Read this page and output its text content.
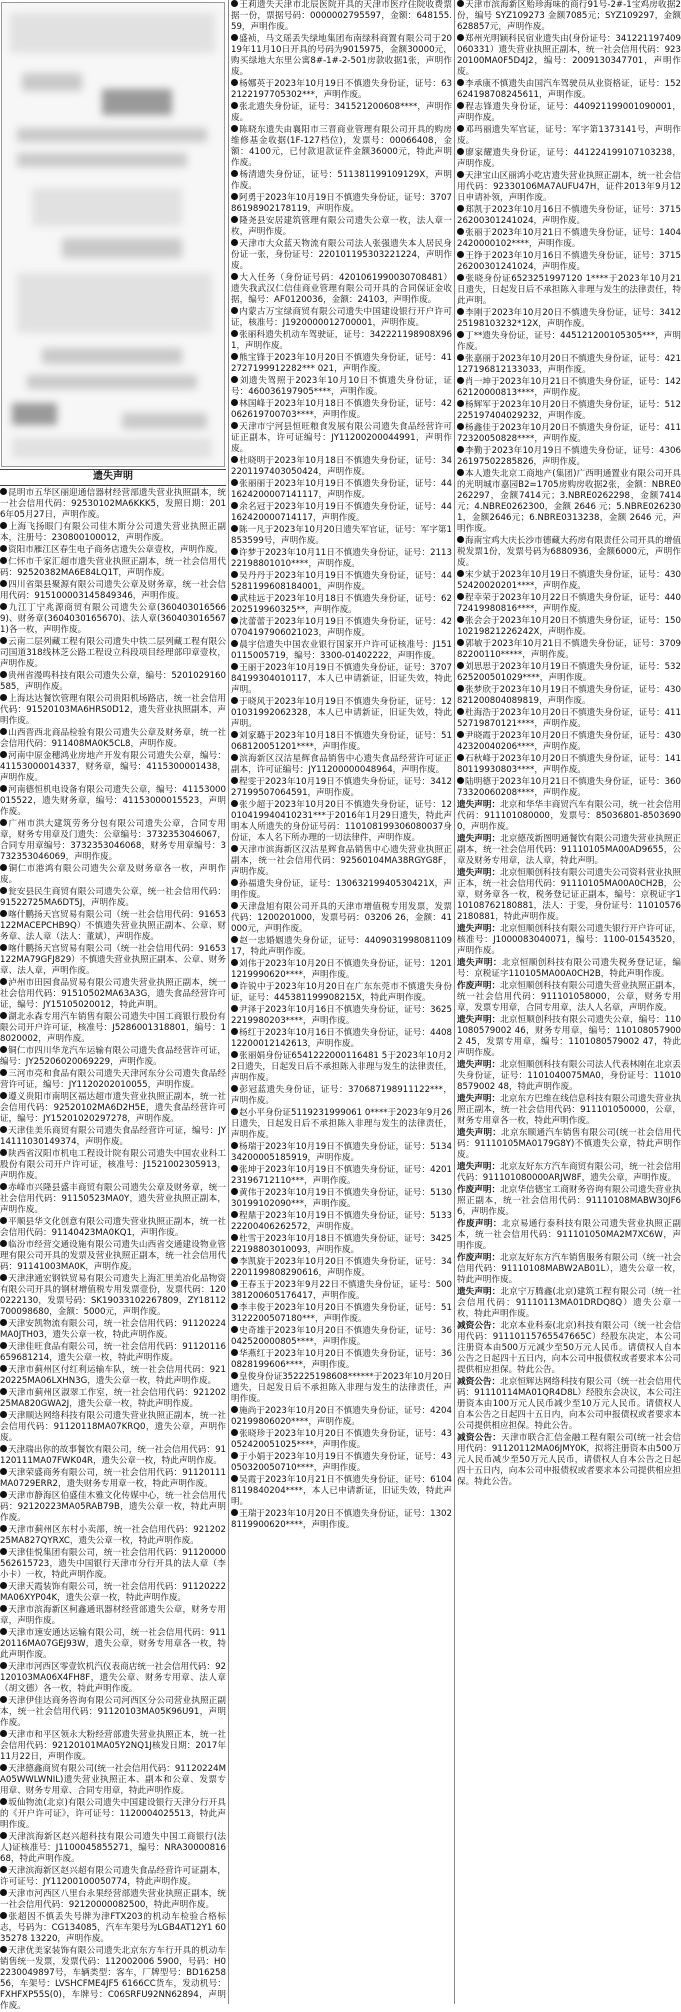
遗失声明
昆明市五华区丽迎通信器材经营部遗失营业执照副本，统一社会信用代码：92530102MA6KKK5，发照日期：2016年05月27日，声明作废。
上海飞扬眼门有限公司佳木斯分公司遗失营业执照正副本，注册号：230800100012，声明作废。
资阳市雁江区春生电子商务店遗失公章壹枚，声明作废。
仁怀市千家汇超市遗失营业执照正副本，统一社会信用代码：92520382MA6E84LQ1T，声明作废。
四川省渠县聚源有限公司遗失公章及财务章，统一社会信用代码：915100003145849346，声明作废。
九江丁宁兆源商贸有限公司遗失公章(3604030165669)、财务章(3604030165670)、法人章(3604030165671)各一枚，声明作废。
云南二层列藏工程有限公司遗失中铁二层列藏工程有限公司国道318线林芝公路工程设立科段项目经理部印章壹枚，声明作废。
贵州省漫鸣科技有限公司遗失公章，编号：5201029160585，声明作废。
上海达达餐饮管理有限公司贵阳机场路店，统一社会信用代码：91520103MA6HRS0D12，遗失营业执照副本，声明作废。
山西晋西北商品检验有限公司遗失公章及财务章，统一社会信用代码：911408MA0K5CL8，声明作废。
河南中原金穗鸿业房地产开发有限公司遗失公章，编号：41153000014337，财务章，编号：4115300001438，声明作废。
河南德恒机电设备有限公司遗失公章，编号：41153000015522，遗失财务章，编号：41153000015523，声明作废。
广州市洪大建筑劳务分包有限公司遗失公章，合同专用章，财务专用章及门遗失：公章编号：3732353046067，合同专用章编号：3732353046068，财务专用章编号：3732353046069，声明作废。
铜仁市港鸿有限公司遗失公章及财务章各一枚，声明作废。
瓮安县民生商贸有限公司遗失公章，统一社会信用代码：91522725MA6DT5J，声明作废。
喀什鹏扬天宫贸易有限公司（统一社会信用代码：91653122MACEPCHB9Q）不慎遗失营业执照正副本、公章、财务章、法人章（法人：董斌），声明作废。
喀什鹏扬天宫贸易有限公司（统一社会信用代码：91653122MA79GFJ829）不慎遗失营业执照正副本、公章、财务章、法人章，声明作废。
泸州市田园食品贸易有限公司遗失营业执照正副本，统一社会信用代码：91510502MA63A3G，遗失食品经营许可证，编号：JY15105020012，特此声明。
湖北永森专用汽车销售有限公司遗失中国工商银行股份有限公司开户许可证，核准号：J5286001318801，编号：18020002，声明作废。
铜仁市四川华龙汽车运输有限公司遗失食品经营许可证，编号：JY25206020069229，声明作废。
三河市亮和食品有限公司遗失天津河东分公司遗失食品经营许可证，编号：JY1120202010055，声明作废。
遵义贵阳市南明区福达超市遗失营业执照正副本，统一社会信用代码：92520102MA6D2H5E，遗失食品经营许可证，编号：JY15201020297278，声明作废。
天津佳美乐商贸有限公司遗失食品经营许可证，编号：JY14111030149374，声明作废。
陕西省汉阳市机电工程设计院有限公司遗失中国农业科工股份有限公司开户许可证，核准号：J1521002305913，声明作废。
赤峰市兴隆县盛丰商贸有限公司遗失公章及财务章，统一社会信用代码：91150523MA0Y，遗失营业执照正副本，声明作废。
平顺县华文化创意有限公司遗失营业执照正副本，统一社会信用代码：91140423MA0KQ1，声明作废。
临汾市经营交通设施有限公司遗失山西省交通建设物业管理有限公司开具的发票及营业执照正副本，统一社会信用代码：91141003MA0K，声明作废。
天津津通宏钢铁贸易有限公司遗失上海汇里美冶化品物资有限公司开具的钢材增值税专用发票壹份，发票代码：1200222130，发票号码：SK19033102267809，ZY18112700098680，金额：5000元，声明作废。
天津安凯物流有限公司，统一社会信用代码：91120224MA0JTH03，遗失公章一枚，特此声明作废。
天津佳旺食品有限公司，统一社会信用代码：91120116659681214，遗失公章一枚，特此声明作废。
天津市蓟州区付红利运输车队，统一社会信用代码：92120225MA06LXHN3G，遗失公章一枚，特此声明作废。
天津市蓟州区淑翠工作室，统一社会信用代码：92120225MA820GWA2J，遗失公章一枚，特此声明作废。
天津顺达网络科技有限公司遗失营业执照正副本，统一社会信用代码：91120118MA07KRQ0，遗失公章，声明作废。
天津瑞出你的故事餐饮有限公司，统一社会信用代码：91120111MA07FWK04R，遗失公章一枚，特此声明作废。
天津荣盛商务有限公司，统一社会信用代码：91120111MA0729ERR2，遗失财务专用章一枚，特此声明作废。
天津市静海区伯盛佳木雅文化传媒中心，统一社会信用代码：92120223MA05RAB79B，遗失公章一枚，特此声明作废。
天津市蓟州区东村小卖部，统一社会信用代码：92120225MA827QYRXC，遗失公章一枚，特此声明作废。
天津佳悦集团有限公司，统一社会信用代码：91120000562615723，遗失中国银行天津市分行开具的法人章（李小卡）一枚，特此声明作废。
天津天霞装饰有限公司，统一社会信用代码：91120222MA06XYP04K，遗失公章一枚，特此声明作废。
天津市滨海新区柯鑫通讯器材经营部遗失公章，财务专用章，声明作废。
天津市速安通达运输有限公司，统一社会信用代码：91120116MA07GEJ93W，遗失公章，财务专用章各一枚，特此声明作废。
天津市河西区零壹钦机汽仪表商店统一社会信用代码：92120103MA06X4FH8F，遗失公章、财务专用章、法人章（胡文德）各一枚，特此声明作废。
天津伊佳达商务咨询有限公司河西区分公司营业执照正副本，统一社会信用代码：91120103MA05K96U91，声明作废。
天津市和平区领永大粉经营部遗失营业执照正本，统一社会信用代码：92120101MA05Y2NQ1J核发日期：2017年11月22日，声明作废。
天津德鑫商贸有限公司(统一社会信用代码：91120224MA05WWLWNIL)遗失营业执照正本、副本和公章、发票专用章、财务专用章、合同专用章，特此声明作废。
坂仙物流(北京)有限公司遗失中国建设银行天津分行开具的《开户许可证》，许可证号：1120004025513，特此声明作废。
天津滨海新区赵兴超科技有限公司遗失中国工商银行(法人)证核准号：J1100045855271，编号：NRA3000081668，特此声明作废。
天津滨海新区赵兴超有限公司遗失食品经营许可证副本，许可证号：JY11200100050774，特此声明作废。
天津市河西区八里台永果经营部遗失营业执照正副本，统一社会信用代码：92120000082500，特此声明作废。
张超因不慎丢失号牌为津FTX203的机动车检验合格标志，号码为：CG134085，汽车车架号为LGB4AT12Y1 6035278 13220，声明作废。
天津优美家装饰有限公司遗失北京东方车行开具的机动车销售统一发票，发票代码：112002006 5900，号码：H02230049897号，车辆类型：客车，厂牌型号：BD1625856，车架号：LVSHCFME4JF5 6166CC货车，发动机号：FXHFXP55S(0)，车牌号：C06SRFU92NN62894，声明作废。
王莉遗失天津市北辰医院开具的天津市医疗住院收费票据一份，票据号码：0000002795597，金额：648155.59，声明作废。
盛祯，马文瑶丢失绿地集团布南绿科商置有限公司于2019年11月10日开具的号码为9015975，金额30000元，购买绿地大东里公寓8#-1#-2-501房款收据1张，声明作废。
杨娜英于2023年10月19日不慎遗失身份证，证号：632122197705302***，声明作废。
张北遗失身份证，证号：341521200608****，声明作废。
陈晓东遗失由襄阳市三晋商业管理有限公司开具的购房维修基金收据(1F-127档位)，发票号：00066408，金额：4100元，已付款退款证件金额36000元，特此声明作废。
杨清遗失身份证，证号：511381199109129X，声明作废。
阿勇于2023年10月19日不慎遗失身份证，证号：370786198902178119，声明作废。
隆尧县安居建筑管理有限公司遗失公章一枚，法人章一枚，声明作废。
天津市大众蓝天物流有限公司法人张强遗失本人居民身份证一张，身份证号：220101195303221224，声明作废。
大入任务（身份证号码：4201061990030708481）遗失我武汉仁信佳商业管理有限公司开具的合同保证金收据，编号：AF0120036，金额：24103，声明作废。
内蒙古万宝绿商贸有限公司遗失中国建设银行开户许可证，核准号：J1920000012700001，声明作废。
张丽科遗失机动车驾驶证，证号：342221198908X961，声明作废。
熊宝锋于2023年10月20日不慎遗失身份证，证号：412727199912282*** 021，声明作废。
刘遗失驾照于2023年10月10日不慎遗失身份证，证号：460036197905****，声明作废。
林国峰于2023年10月18日不慎遗失身份证，证号：42062619700703****，声明作废。
天津市宁河县恒旺粮食发展有限公司遗失食品经营许可证正副本，许可证编号：JY11200200044991，声明作废。
杜晓明于2023年10月18日不慎遗失身份证，证号：342201197403050424，声明作废。
张丽丽于2023年10月19日不慎遗失身份证，证号：441624200007141117，声明作废。
余名冠于2023年10月19日不慎遗失身份证，证号：44162420000714117，声明作废。
陈一凡于2023年10月20日遗失军官证，证号：军字第1853599号，声明作废。
许梦于2023年10月11日不慎遗失身份证，证号：211322198801010****，声明作废。
吴丹丹于2023年10月19日不慎遗失身份证，证号：445281199608184001，声明作废。
武桂远于2023年10月18日不慎遗失身份证，证号：62202519960325**，声明作废。
沈蕾蕾于2023年10月19日不慎遗失身份证，证号：420704197906021023，声明作废。
晨宇信遗失中国农业银行国家开户许可证核准号：J1510115005719，编号：3300-01402222，声明作废。
王丽于2023年10月19日不慎遗失身份证，证号：370784199304010117，本人已申请新证，旧证失效，特此声明。
于晓风于2023年10月19日不慎遗失身份证，证号：1201031992062328，本人已申请新证，旧证失效，特此声明。
刘家璐于2023年10月18日不慎遗失身份证，证号：51068120051201****，声明作废。
滨海新区汉沽星辉食品销售中心遗失食品经营许可证正副本，许可证编号：JY11200000048964，声明作废。
程雯于2023年10月19日不慎遗失身份证，证号：341227199507064591，声明作废。
张少超于2023年10月20日不慎遗失身份证，证号：12010419940410231***于2016年1月29日遗失，特此声明本人所遗失的身份证号码：110108199306080037身份证，本人名下所办理的一切法律件，声明作废。
天津市滨海新区汉沽星辉食品销售中心遗失营业执照正副本，统一社会信用代码：92560104MA38RGYG8F，声明作废。
孙福遗失身份证，证号：13063219940530421X，声明作废。
天津盘旭有限公司开具的天津市增值税专用发票，发票代码：1200201000，发票号码：03206 26，金额：41000元，声明作废。
赵一忠婚姻遗失身份证，证号：440903199808110917，特此声明作废。
刘伟于2023年10月20日不慎遗失身份证，证号：12011219990620****，声明作废。
许锐中于2023年10月20日在广东东莞市不慎遗失身份证，证号：445381199908215X，特此声明作废。
尹泽于2023年10月16日不慎遗失身份证，证号：36252219980203****，声明作废。
杨红于2023年10月16日不慎遗失身份证，证号：440812200012142613，声明作废。
张丽娟身份证6541222000116481 5于2023年10月22日遗失，日起发日后不承担陈入非理与发生的法律责任，声明作废。
彭冠蓝遗失身份证，证号：370687198911122***，声明作废。
赵小平身份证5119231999061 0****于2023年9月26日遗失，日起发日后不承担陈入非理与发生的法律责任，声明作废。
杨瑞于2023年10月19日不慎遗失身份证，证号：513434200005185919，声明作废。
张坤于2023年10月19日不慎遗失身份证，证号：420123196712110***，声明作废。
黄伟于2023年10月19日不慎遗失身份证，证号：513030199102090***，声明作废。
程鼎于2023年10月19日不慎遗失身份证，证号：513322200406262572，声明作废。
杜雪于2023年10月18日不慎遗失身份证，证号：342522198803010093，声明作废。
李凯旋于2023年10月20日不慎遗失身份证，证号：342201199808290616，声明作废。
王春玉于2023年9月22日不慎遗失身份证，证号：500381200605176417，声明作废。
李丰俊于2023年10月20日不慎遗失身份证，证号：513122200507180***，声明作废。
史奇雄于2023年10月20日不慎遗失身份证，证号：36042520000805****，声明作废。
华燕红于2023年10月20日不慎遗失身份证，证号：360828199606****，声明作废。
皇俊身份证352225198608******于2023年10月20日遗失，日起发日后不承担陈入非理与发生的法律责任，声明作废。
施尚于2023年10月20日不慎遗失身份证，证号：420402199806020****，声明作废。
张晓珍于2023年10月20日不慎遗失身份证，证号：43052420051025****，声明作废。
于小娟于2023年10月19日不慎遗失身份证，证号：43050320050710****，声明作废。
吴霞于2023年10月21日不慎遗失身份证，证号：61048119840204****，本人已申请新证，旧证失效，特此声明。
王瑞于2023年10月20日不慎遗失身份证，证号：13028119900620****，声明作废。
天津市滨海新区贻珍海味的商行91号-2#-1宝鸡房收据2份，编号 SYZ109273 金额7085元；SYZ109297，金额628857元，声明作废。
郑州光明颖科民宿业遗失由(身份证号：341221197409060331）遗失营业执照正副本，统一社会信用代码：92320100MA0F5D4J2，编号：2009130347701，声明作废。
李承康不慎遗失由国汽车驾驶员从业资格证，证号：152624198708245611，声明作废。
程志锋遗失身份证，证号：440921199001090001，声明作废。
邓玛丽遗失军官证，证号：军字第1373141号，声明作废。
廖家耀遗失身份证，证号：441224199107103238，声明作废。
天津宝山区丽鸿小吃店遗失营业执照正副本，统一社会信用代码：92330106MA7AUFU47H，证件2013年9月12日申请补领，声明作废。
郑凯于2023年10月16日不慎遗失身份证，证号：371526200301241024，声明作废。
张丽于2023年10月21日不慎遗失身份证，证号：14042420000102****，声明作废。
王铮于2023年10月16日不慎遗失身份证，证号：371526200301241024，声明作废。
张晓身份证6523251997120 1****于2023年10月21日遗失，日起发日后不承担陈入非理与发生的法律责任，特此声明。
李刚于2023年10月20日不慎遗失身份证，证号：341225198103232*12X，声明作废。
丁**遗失身份证，证号：445121200105305***，声明作废。
张嘉丽于2023年10月20日不慎遗失身份证，证号：421127196812133033，声明作废。
肖一坤于2023年10月21日不慎遗失身份证，证号：14262120000813****，声明作废。
杨辉军于2023年10月20日不慎遗失身份证，证号：512225197404029232，声明作废。
杨鑫佳于2023年10月20日不慎遗失身份证，证号：41172320050828****，声明作废。
李勤于2023年10月19日不慎遗失身份证，证号：430626197502285826，声明作废。
本人遗失北京工商地产(集团)广西明通置业有限公司开具的光明城市嘉园B2=1705房购房收据2张，金额：NBRE0262297，金额7414元；3.NBRE0262298，金额7414元；4.NBRE0262300，金额 2646 元；5.NBRE0262301，金额2646元；6.NBRE0313238，金额 2646 元，声明作废。
海南宝鸡大庆长沙市德藏大药房有限责任公司开具的增值税发票1份，发票号码为6880936，金额6000元，声明作废。
宋少斌于2023年10月19日不慎遗失身份证，证号：43052420020201****，声明作废。
程幸荣于2023年10月22日不慎遗失身份证，证号：44072419980816****，声明作废。
张会会于2023年10月20日不慎遗失身份证，证号：15010219821226242X，声明作废。
郭敏于2023年10月21日不慎遗失身份证，证号：370982200110*****，声明作废。
刘思思于2023年10月19日不慎遗失身份证，证号：532625200501029****，声明作废。
张梦欣于2023年10月19日不慎遗失身份证，证号：430821200804089819，声明作废。
杜海浩于2023年10月20日不慎遗失身份证，证号：41152719870121****，声明作废。
尹晓霞于2023年10月20日不慎遗失身份证，证号：43042320040206****，声明作废。
石秋峰于2023年10月20日不慎遗失身份证，证号：14180119930803****，声明作废。
陆明德于2023年10月21日不慎遗失身份证，证号：36073320060208****，声明作废。
遗失声明：北京和华华丰商贸汽车有限公司，统一社会信用代码：911101080000，发票号：85036801-85036900，声明作废。
遗失声明：北京德茂新图明通餐饮有限公司遗失营业执照正副本，统一社会信用代码：91110105MA00AD9655，公章及财务专用章，法人章，特此声明。
遗失声明：北京恒顺创科技有限公司遗失公司资料营业执照正本，统一社会信用代码：91110105MA00A0CH2B，公章，财务章各一枚，税务登记证正副本，编号：京税证字110108762180881，法人：于雯，身份证号：110105762180881，特此声明作废。
遗失声明：北京恒顺创科技有限公司遗失银行开户许可证，核准号：J1000083040071，编号：1100-01543520，声明作废。
遗失声明：北京恒顺创科技有限公司遗失税务登记证，编号：京税证字110105MA00A0CH2B，特此声明作废。
作废声明：北京恒顺创科技有限公司遗失营业执照正副本，统一社会信用代码：911101058000，公章，财务专用章，发票专用章，合同专用章，法人人名章，声明作废。
遗失声明：北京恒顺创科技有限公司遗失公章，编号：1101080579002 46，财务专用章，编号：1101080579002 45，发票专用章，编号：1101080579002 47，特此声明作废。
遗失声明：北京恒顺创科技有限公司法人代表林刚在北京丢失身份证，证号：1101040075MA0，身份证号：110108579002 48，特此声明作废。
遗失声明：北京东方巴维在线信息科技有限公司遗失营业执照正副本，统一社会信用代码：911101050000，公章，财务专用章各一枚，特此声明作废。
遗失声明：北京东顺通汽车销售有限公司(统一社会信用代码：91110105MA0179G8Y)不慎遗失公章，特此声明作废。
遗失声明：北京友好东方汽车商贸有限公司，统一社会信用代码：911101080000ARJW8F，遗失公章，声明作废。
作废声明：北京华信德宝工商财务咨询有限公司遗失营业执照正副本，统一社会信用代码：91110108MABW30JF66，声明作废。
作废声明：北京易通行泰科技有限公司遗失营业执照正副本，统一社会信用代码：911101050MA2M7XC6W，声明作废。
作废声明：北京友好东方汽车销售服务有限公司（统一社会信用代码：91110108MABW2AB01L），遗失公章一枚，特此声明作废。
遗失声明：北京宁万腾鑫(北京)建筑工程有限公司（统一社会信用代码：91110113MA01DRDQ8Q）遗失公章一枚，特此声明作废。
减资公告：北京本业科泰(北京)科技有限公司（统一社会信用代码：91110115765547665C）经股东决定，本公司注册资本由500万元减少至50万元人民币。请债权人自本公告之日起四十五日内，向本公司申报债权或者要求本公司提供相应担保。特此公告。
减资公告：北京恒辉达网络科技有限公司（统一社会信用代码：91110114MA01QR4D8L）经股东会决议，本公司注册资本由100万元人民币减少至10万元人民币。请债权人自本公告之日起四十五日内，向本公司申报债权或者要求本公司提供相应担保。特此公告。
减资公告：天津市联合汇信金融工程有限公司(统一社会信用代码：91120112MA06JMY0K，拟将注册资本由500万元人民币减少至50万元人民币，请债权人自本公告之日起四十五日内，向本公司申报债权或者要求本公司提供相应担保。特此公告。
